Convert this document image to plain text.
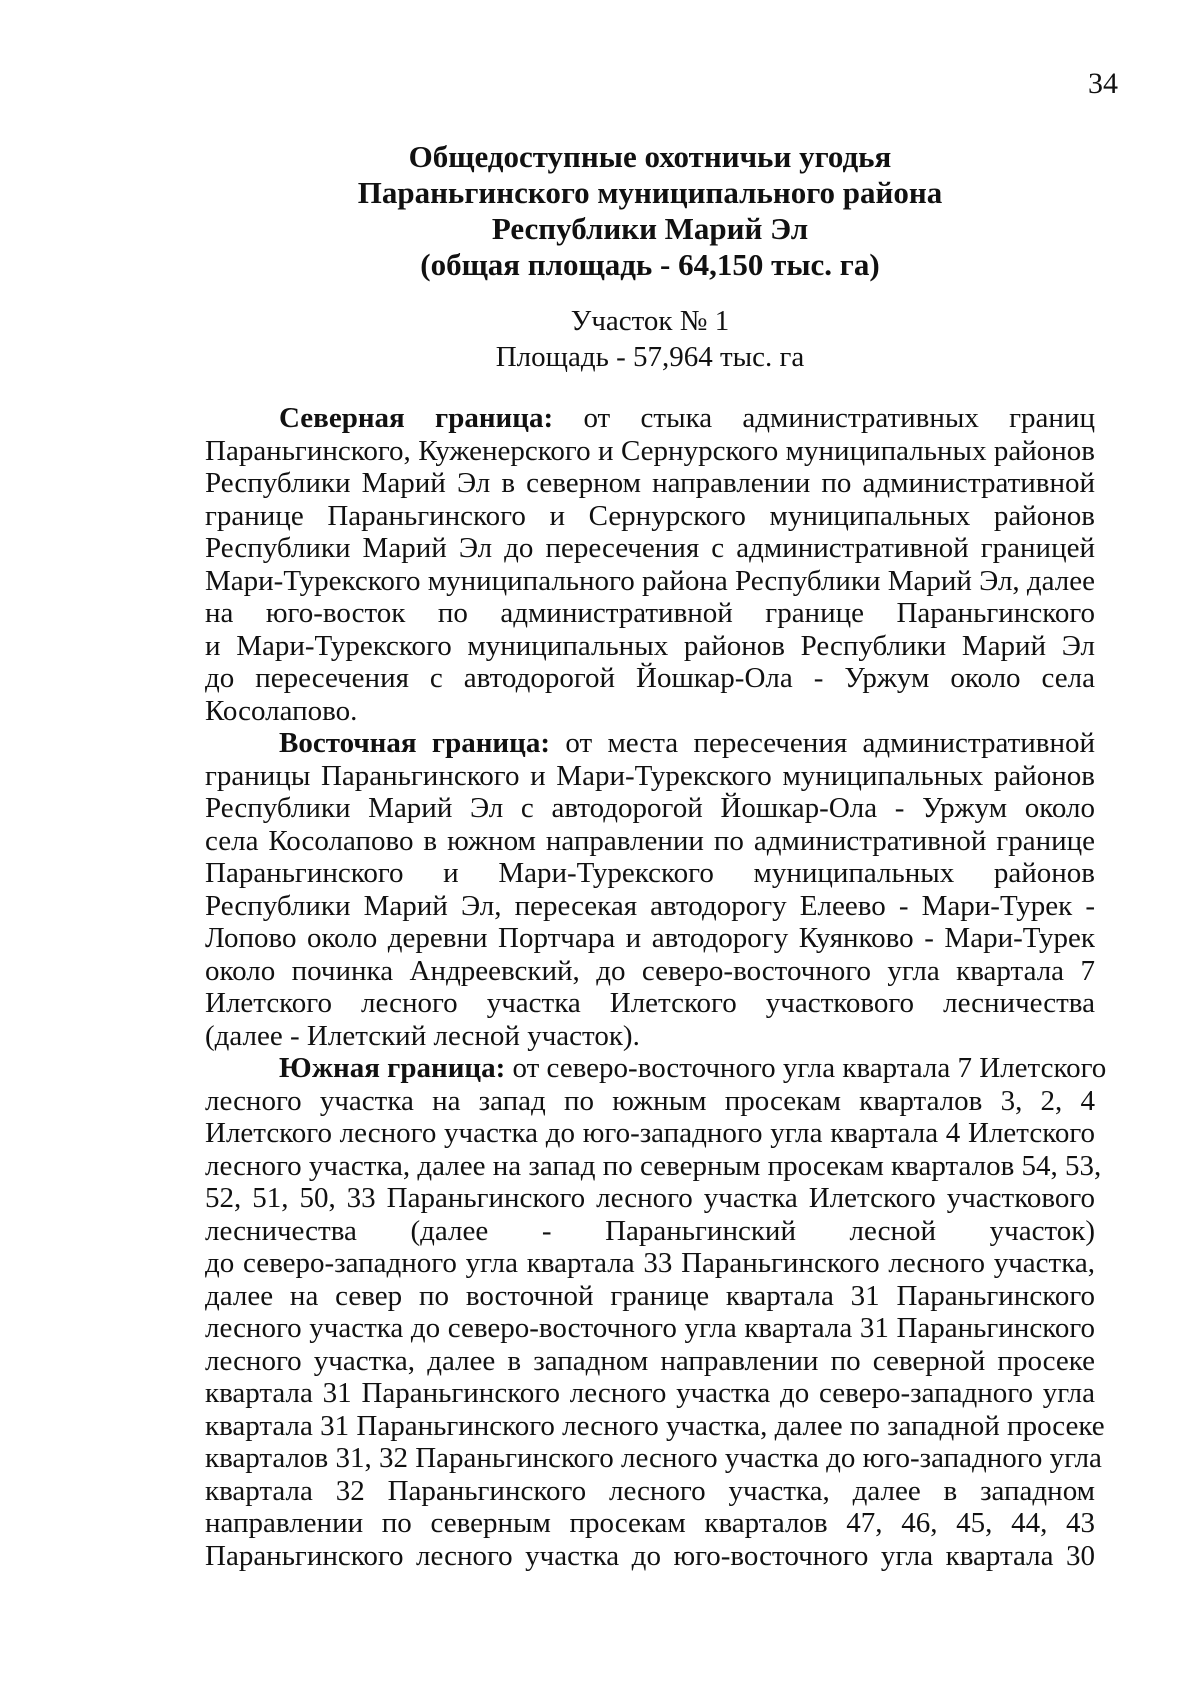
34
Общедоступные охотничьи угодья
Параньгинского муниципального района
Республики Марий Эл
(общая площадь - 64,150 тыс. га)
Участок № 1
Площадь - 57,964 тыс. га
Северная граница: от стыка административных границ
Параньгинского, Куженерского и Сернурского муниципальных районов
Республики Марий Эл в северном направлении по административной
границе Параньгинского и Сернурского муниципальных районов
Республики Марий Эл до пересечения с административной границей
Мари-Турекского муниципального района Республики Марий Эл, далее
на юго-восток по административной границе Параньгинского
и Мари-Турекского муниципальных районов Республики Марий Эл
до пересечения с автодорогой Йошкар-Ола - Уржум около села
Косолапово.
Восточная граница: от места пересечения административной
границы Параньгинского и Мари-Турекского муниципальных районов
Республики Марий Эл с автодорогой Йошкар-Ола - Уржум около
села Косолапово в южном направлении по административной границе
Параньгинского и Мари-Турекского муниципальных районов
Республики Марий Эл, пересекая автодорогу Елеево - Мари-Турек -
Лопово около деревни Портчара и автодорогу Куянково - Мари-Турек
около починка Андреевский, до северо-восточного угла квартала 7
Илетского лесного участка Илетского участкового лесничества
(далее - Илетский лесной участок).
Южная граница: от северо-восточного угла квартала 7 Илетского
лесного участка на запад по южным просекам кварталов 3, 2, 4
Илетского лесного участка до юго-западного угла квартала 4 Илетского
лесного участка, далее на запад по северным просекам кварталов 54, 53,
52, 51, 50, 33 Параньгинского лесного участка Илетского участкового
лесничества (далее - Параньгинский лесной участок)
до северо-западного угла квартала 33 Параньгинского лесного участка,
далее на север по восточной границе квартала 31 Параньгинского
лесного участка до северо-восточного угла квартала 31 Параньгинского
лесного участка, далее в западном направлении по северной просеке
квартала 31 Параньгинского лесного участка до северо-западного угла
квартала 31 Параньгинского лесного участка, далее по западной просеке
кварталов 31, 32 Параньгинского лесного участка до юго-западного угла
квартала 32 Параньгинского лесного участка, далее в западном
направлении по северным просекам кварталов 47, 46, 45, 44, 43
Параньгинского лесного участка до юго-восточного угла квартала 30
